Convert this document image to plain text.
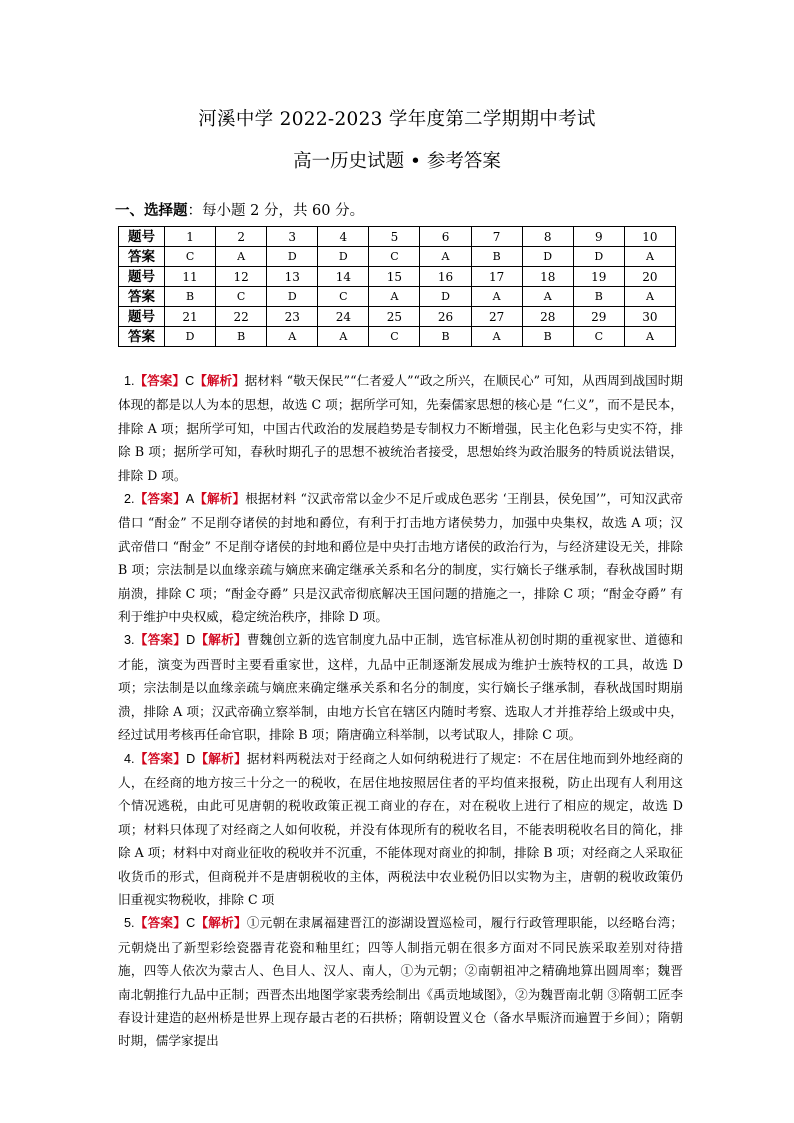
河溪中学 2022-2023 学年度第二学期期中考试
高一历史试题 • 参考答案
一、选择题：每小题 2 分，共 60 分。
题号	1	2	3	4	5	6	7	8	9	10
答案	C	A	D	D	C	A	B	D	D	A
题号	11	12	13	14	15	16	17	18	19	20
答案	B	C	D	C	A	D	A	A	B	A
题号	21	22	23	24	25	26	27	28	29	30
答案	D	B	A	A	C	B	A	B	C	A

1.【答案】C【解析】据材料 “敬天保民”“仁者爱人”“政之所兴，在顺民心” 可知，从西周到战国时期体现的都是以人为本的思想，故选 C 项；据所学可知，先秦儒家思想的核心是 “仁义”，而不是民本，排除 A 项；据所学可知，中国古代政治的发展趋势是专制权力不断增强，民主化色彩与史实不符，排除 B 项；据所学可知，春秋时期孔子的思想不被统治者接受，思想始终为政治服务的特质说法错误，排除 D 项。

2.【答案】A【解析】根据材料 “汉武帝常以金少不足斤或成色恶劣 ‘王削县，侯免国’”，可知汉武帝借口 “酎金” 不足削夺诸侯的封地和爵位，有利于打击地方诸侯势力，加强中央集权，故选 A 项；汉武帝借口 “酎金” 不足削夺诸侯的封地和爵位是中央打击地方诸侯的政治行为，与经济建设无关，排除 B 项；宗法制是以血缘亲疏与嫡庶来确定继承关系和名分的制度，实行嫡长子继承制，春秋战国时期崩溃，排除 C 项；“酎金夺爵” 只是汉武帝彻底解决王国问题的措施之一，排除 C 项；“酎金夺爵” 有利于维护中央权威，稳定统治秩序，排除 D 项。

3.【答案】D【解析】曹魏创立新的选官制度九品中正制，选官标准从初创时期的重视家世、道德和才能，演变为西晋时主要看重家世，这样，九品中正制逐渐发展成为维护士族特权的工具，故选 D 项；宗法制是以血缘亲疏与嫡庶来确定继承关系和名分的制度，实行嫡长子继承制，春秋战国时期崩溃，排除 A 项；汉武帝确立察举制，由地方长官在辖区内随时考察、选取人才并推荐给上级或中央，经过试用考核再任命官职，排除 B 项；隋唐确立科举制，以考试取人，排除 C 项。

4.【答案】D【解析】据材料两税法对于经商之人如何纳税进行了规定：不在居住地而到外地经商的人，在经商的地方按三十分之一的税收，在居住地按照居住者的平均值来报税，防止出现有人利用这个情况逃税，由此可见唐朝的税收政策正视工商业的存在，对在税收上进行了相应的规定，故选 D 项；材料只体现了对经商之人如何收税，并没有体现所有的税收名目，不能表明税收名目的简化，排除 A 项；材料中对商业征收的税收并不沉重，不能体现对商业的抑制，排除 B 项；对经商之人采取征收货币的形式，但商税并不是唐朝税收的主体，两税法中农业税仍旧以实物为主，唐朝的税收政策仍旧重视实物税收，排除 C 项

5.【答案】C【解析】①元朝在隶属福建晋江的澎湖设置巡检司，履行行政管理职能，以经略台湾；元朝烧出了新型彩绘瓷器青花瓷和釉里红；四等人制指元朝在很多方面对不同民族采取差别对待措施，四等人依次为蒙古人、色目人、汉人、南人，①为元朝；②南朝祖冲之精确地算出圆周率；魏晋南北朝推行九品中正制；西晋杰出地图学家裴秀绘制出《禹贡地域图》，②为魏晋南北朝 ③隋朝工匠李春设计建造的赵州桥是世界上现存最古老的石拱桥；隋朝设置义仓（备水旱赈济而遍置于乡间）；隋朝时期，儒学家提出
